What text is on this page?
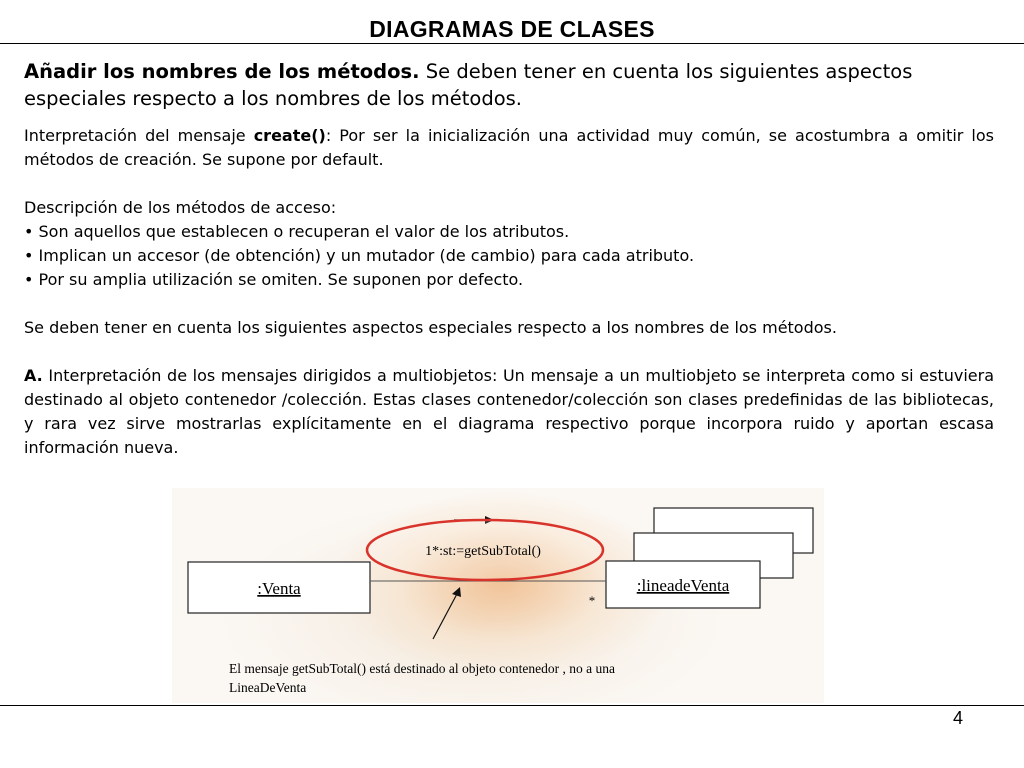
DIAGRAMAS DE CLASES
Añadir los nombres de los métodos. Se deben tener en cuenta los siguientes aspectos especiales respecto a los nombres de los métodos.

Interpretación del mensaje create(): Por ser la inicialización una actividad muy común, se acostumbra a omitir los métodos de creación. Se supone por default.

Descripción de los métodos de acceso:

• Son aquellos que establecen o recuperan el valor de los atributos.

• Implican un accesor (de obtención) y un mutador (de cambio) para cada atributo.

• Por su amplia utilización se omiten. Se suponen por defecto.

Se deben tener en cuenta los siguientes aspectos especiales respecto a los nombres de los métodos.

A. Interpretación de los mensajes dirigidos a multiobjetos: Un mensaje a un multiobjeto se interpreta como si estuviera destinado al objeto contenedor /colección. Estas clases contenedor/colección son clases predefinidas de las bibliotecas, y rara vez sirve mostrarlas explícitamente en el diagrama respectivo porque incorpora ruido y aportan escasa información nueva.

:lineadeVenta
:Venta
*
1*:st:=getSubTotal()
El mensaje getSubTotal() está destinado al objeto contenedor , no a una
LineaDeVenta
4
